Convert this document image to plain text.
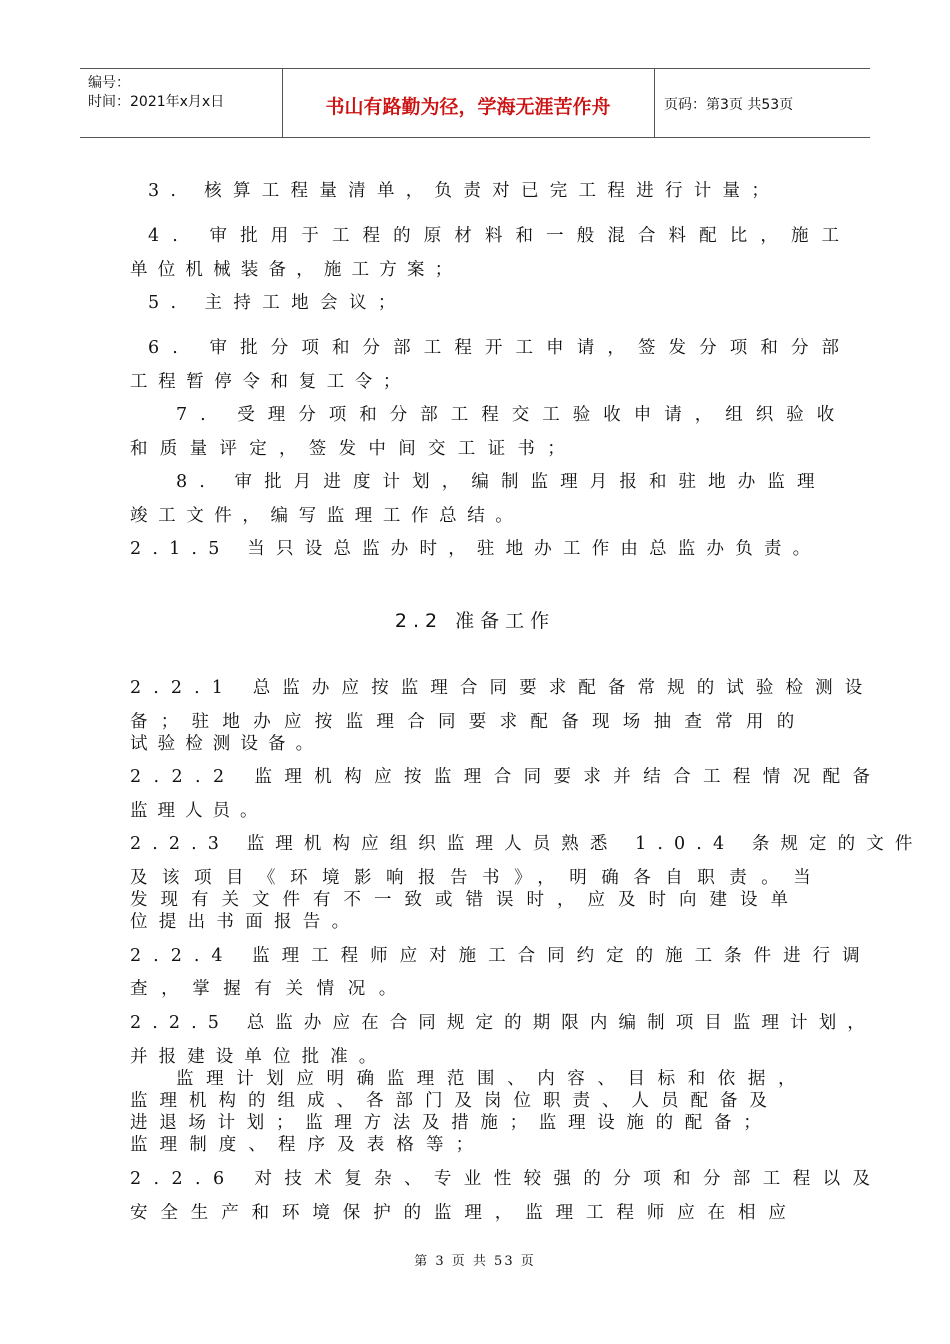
编号：
时间：2021年x月x日	书山有路勤为径，学海无涯苦作舟	页码：第3页 共53页
3. 核算工程量清单，负责对已完工程进行计量；
4. 审批用于工程的原材料和一般混合料配比，施工
单位机械装备，施工方案；
5. 主持工地会议；
6. 审批分项和分部工程开工申请，签发分项和分部
工程暂停令和复工令；
7. 受理分项和分部工程交工验收申请，组织验收
和质量评定，签发中间交工证书；
8. 审批月进度计划，编制监理月报和驻地办监理
竣工文件，编写监理工作总结。
2.1.5 当只设总监办时，驻地办工作由总监办负责。
2.2 准备工作
2.2.1 总监办应按监理合同要求配备常规的试验检测设
备；驻地办应按监理合同要求配备现场抽查常用的
试验检测设备。
2.2.2 监理机构应按监理合同要求并结合工程情况配备
监理人员。
2.2.3 监理机构应组织监理人员熟悉 1.0.4 条规定的文件
及该项目《环境影响报告书》，明确各自职责。当
发现有关文件有不一致或错误时，应及时向建设单
位提出书面报告。
2.2.4 监理工程师应对施工合同约定的施工条件进行调
查，掌握有关情况。
2.2.5 总监办应在合同规定的期限内编制项目监理计划，
并报建设单位批准。
监理计划应明确监理范围、内容、目标和依据，
监理机构的组成、各部门及岗位职责、人员配备及
进退场计划；监理方法及措施；监理设施的配备；
监理制度、程序及表格等；
2.2.6 对技术复杂、专业性较强的分项和分部工程以及
安全生产和环境保护的监理，监理工程师应在相应
第 3 页 共 53 页
